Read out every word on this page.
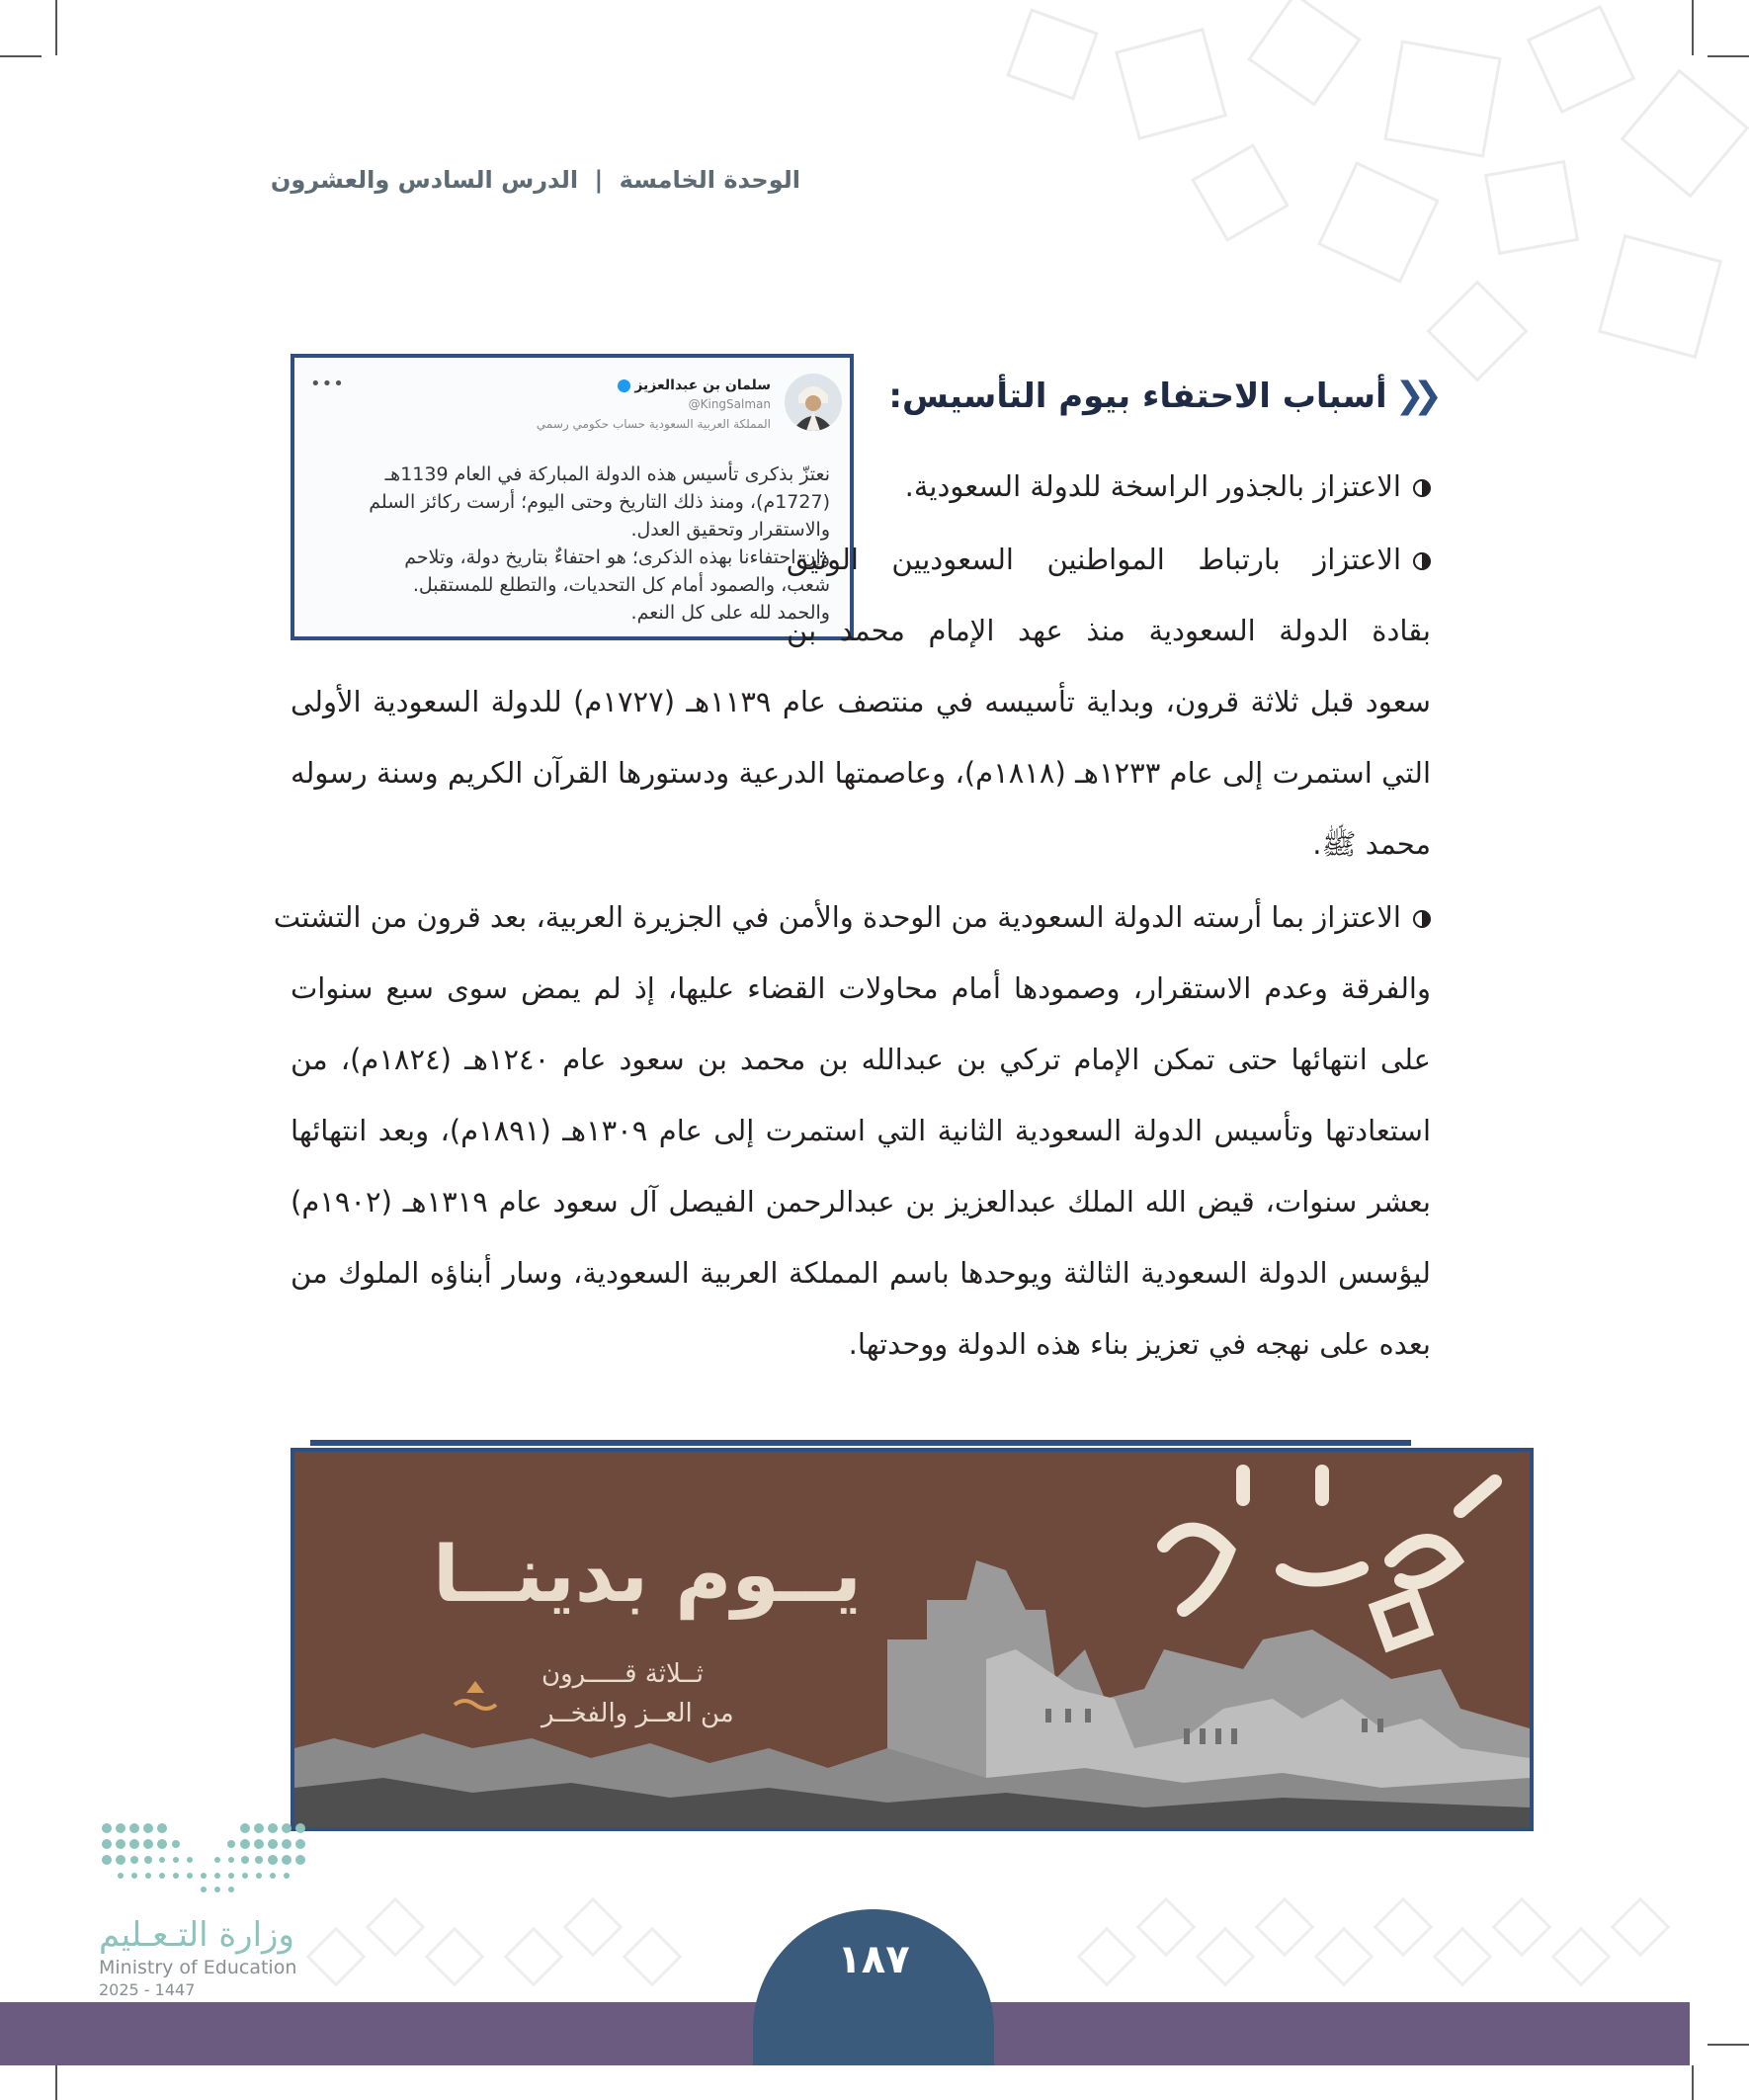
الوحدة الخامسة | الدرس السادس والعشرون
سلمان بن عبدالعزيز
@KingSalman
المملكة العربية السعودية حساب حكومي رسمي
•••
نعتزّ بذكرى تأسيس هذه الدولة المباركة في العام 1139هـ
(1727م)، ومنذ ذلك التاريخ وحتى اليوم؛ أرست ركائز السلم
والاستقرار وتحقيق العدل.
وإن احتفاءنا بهذه الذكرى؛ هو احتفاءٌ بتاريخ دولة، وتلاحم
شعب، والصمود أمام كل التحديات، والتطلع للمستقبل.
والحمد لله على كل النعم.
❮❮
أسباب الاحتفاء بيوم التأسيس:
الاعتزاز بالجذور الراسخة للدولة السعودية.
الاعتزاز بارتباط المواطنين السعوديين الوثيق
بقادة الدولة السعودية منذ عهد الإمام محمد بن
سعود قبل ثلاثة قرون، وبداية تأسيسه في منتصف عام ١١٣٩هـ (١٧٢٧م) للدولة السعودية الأولى
التي استمرت إلى عام ١٢٣٣هـ (١٨١٨م)، وعاصمتها الدرعية ودستورها القرآن الكريم وسنة رسوله
محمد ﷺ.
الاعتزاز بما أرسته الدولة السعودية من الوحدة والأمن في الجزيرة العربية، بعد قرون من التشتت
والفرقة وعدم الاستقرار، وصمودها أمام محاولات القضاء عليها، إذ لم يمض سوى سبع سنوات
على انتهائها حتى تمكن الإمام تركي بن عبدالله بن محمد بن سعود عام ١٢٤٠هـ (١٨٢٤م)، من
استعادتها وتأسيس الدولة السعودية الثانية التي استمرت إلى عام ١٣٠٩هـ (١٨٩١م)، وبعد انتهائها
بعشر سنوات، قيض الله الملك عبدالعزيز بن عبدالرحمن الفيصل آل سعود عام ١٣١٩هـ (١٩٠٢م)
ليؤسس الدولة السعودية الثالثة ويوحدها باسم المملكة العربية السعودية، وسار أبناؤه الملوك من
بعده على نهجه في تعزيز بناء هذه الدولة ووحدتها.
يــوم بدينــا
ثــلاثة قـــــرون
من العــز والفخــر
وزارة التـعـليم
Ministry of Education
2025 - 1447
١٨٧
